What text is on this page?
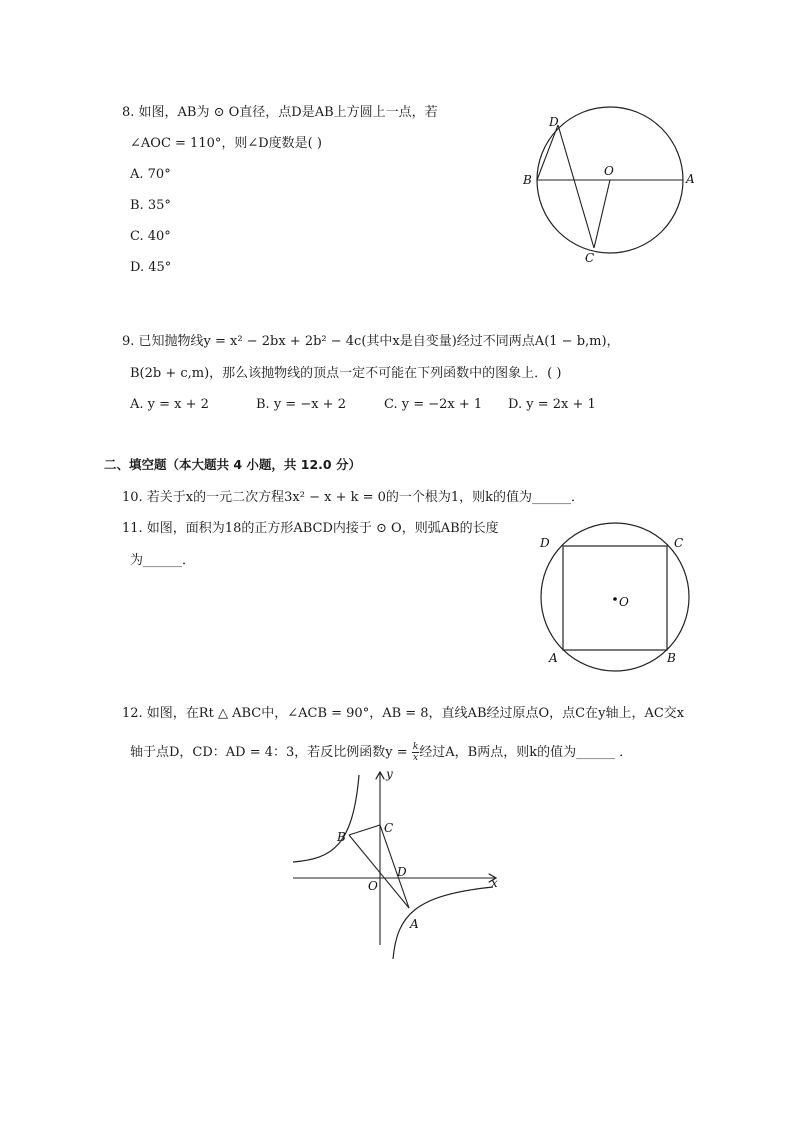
8. 如图，AB为 ⊙ O直径，点D是AB上方圆上一点，若
∠AOC = 110°，则∠D度数是( )
A. 70°
B. 35°
C. 40°
D. 45°
D
O
B	A
C
9. 已知抛物线y = x² − 2bx + 2b² − 4c(其中x是自变量)经过不同两点A(1 − b,m)，
B(2b + c,m)，那么该抛物线的顶点一定不可能在下列函数中的图象上．( )
A. y = x + 2	B. y = −x + 2	C. y = −2x + 1 D. y = 2x + 1
二、填空题（本大题共 4 小题，共 12.0 分）
10. 若关于x的一元二次方程3x² − x + k = 0的一个根为1，则k的值为______．
11. 如图，面积为18的正方形ABCD内接于 ⊙ O，则弧AB的长度
为______．
D	C
O
A	B
12. 如图，在Rt △ ABC中，∠ACB = 90°，AB = 8，直线AB经过原点O，点C在y轴上，AC交x
轴于点D，CD：AD = 4：3，若反比例函数$y = \frac{k}{x}$ 经过A，B两点，则k的值为______ ．
y
x
C
B
D
O
A
